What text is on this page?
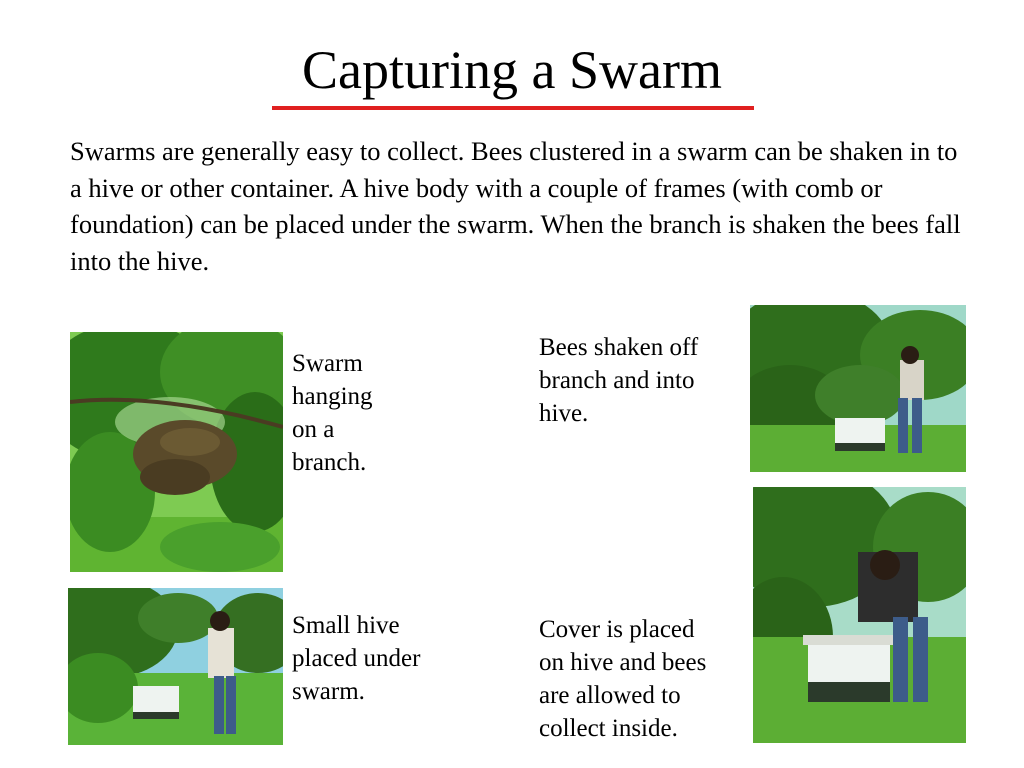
Capturing a Swarm
Swarms are generally easy to collect. Bees clustered in a swarm can be shaken in to a hive or other container. A hive body with a couple of frames (with comb or foundation) can be placed under the swarm. When the branch is shaken the bees fall into the hive.
Swarm
hanging
on a
branch.
Bees shaken off
branch and into
hive.
Small hive
placed under
swarm.
Cover is placed
on hive and bees
are allowed to
collect inside.
